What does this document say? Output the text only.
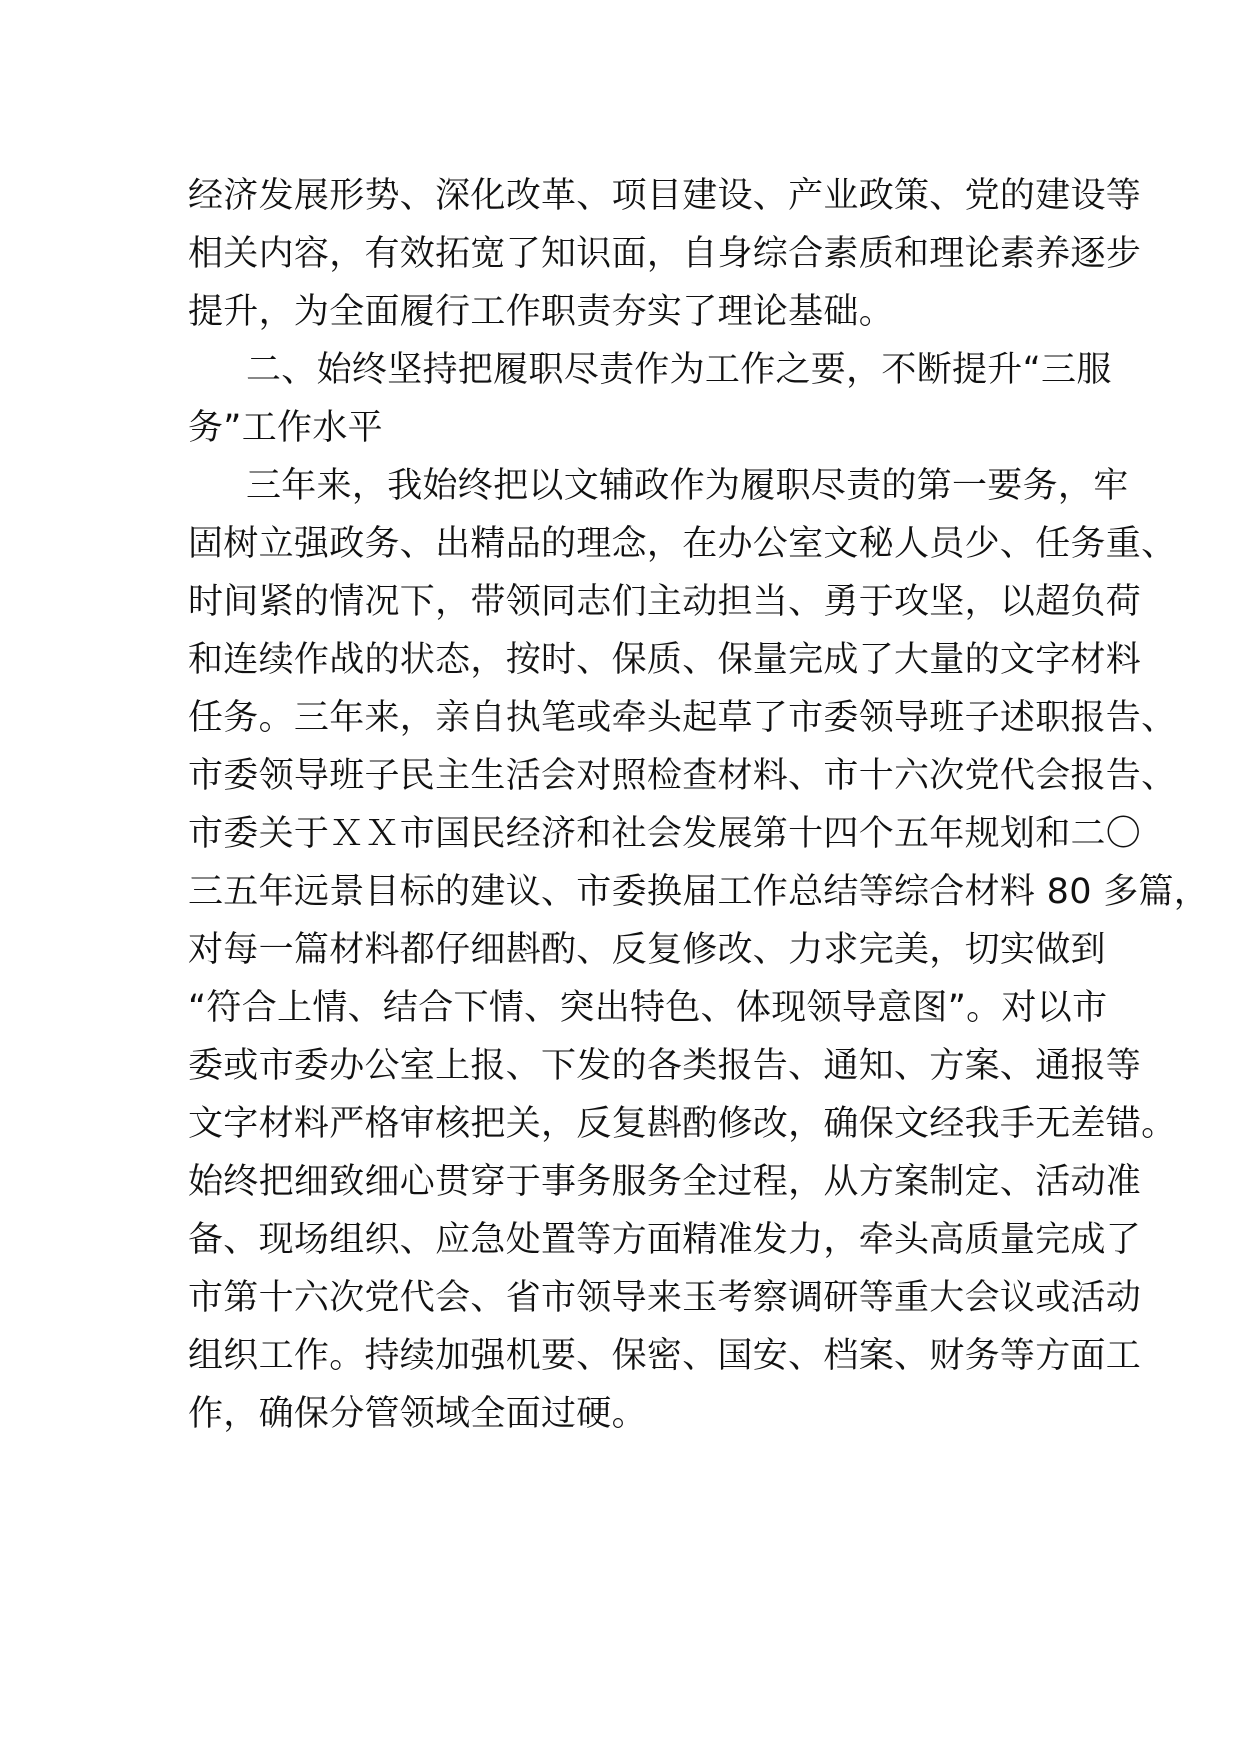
经济发展形势、深化改革、项目建设、产业政策、党的建设等
相关内容，有效拓宽了知识面，自身综合素质和理论素养逐步
提升，为全面履行工作职责夯实了理论基础。
二、始终坚持把履职尽责作为工作之要，不断提升“三服
务”工作水平
三年来，我始终把以文辅政作为履职尽责的第一要务，牢
固树立强政务、出精品的理念，在办公室文秘人员少、任务重、
时间紧的情况下，带领同志们主动担当、勇于攻坚，以超负荷
和连续作战的状态，按时、保质、保量完成了大量的文字材料
任务。三年来，亲自执笔或牵头起草了市委领导班子述职报告、
市委领导班子民主生活会对照检查材料、市十六次党代会报告、
市委关于ＸＸ市国民经济和社会发展第十四个五年规划和二〇
三五年远景目标的建议、市委换届工作总结等综合材料 80 多篇，
对每一篇材料都仔细斟酌、反复修改、力求完美，切实做到
“符合上情、结合下情、突出特色、体现领导意图”。对以市
委或市委办公室上报、下发的各类报告、通知、方案、通报等
文字材料严格审核把关，反复斟酌修改，确保文经我手无差错。
始终把细致细心贯穿于事务服务全过程，从方案制定、活动准
备、现场组织、应急处置等方面精准发力，牵头高质量完成了
市第十六次党代会、省市领导来玉考察调研等重大会议或活动
组织工作。持续加强机要、保密、国安、档案、财务等方面工
作，确保分管领域全面过硬。
